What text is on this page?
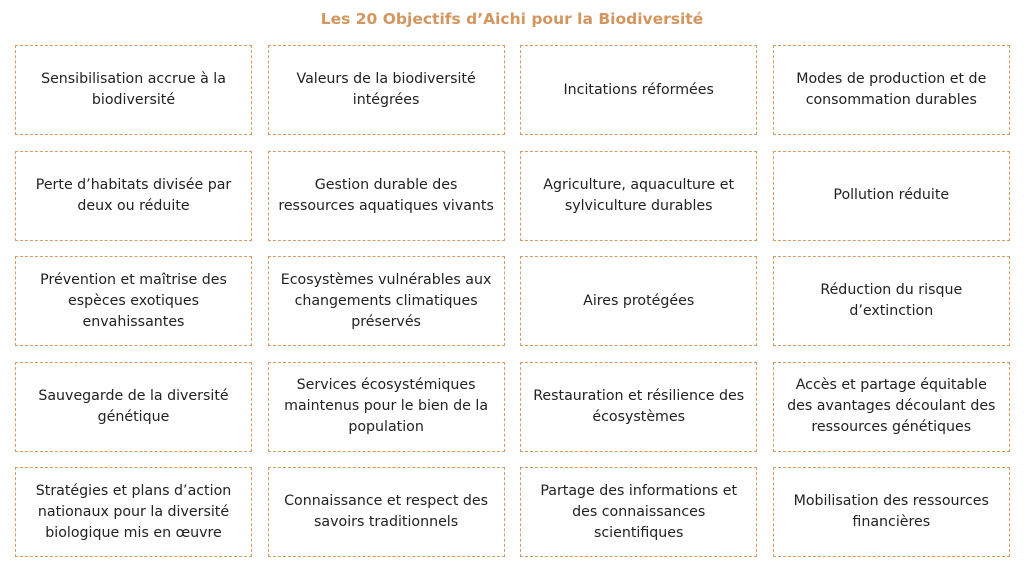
Les 20 Objectifs d’Aichi pour la Biodiversité
Sensibilisation accrue à la biodiversité
Valeurs de la biodiversité intégrées
Incitations réformées
Modes de production et de consommation durables
Perte d’habitats divisée par deux ou réduite
Gestion durable des ressources aquatiques vivants
Agriculture, aquaculture et sylviculture durables
Pollution réduite
Prévention et maîtrise des espèces exotiques envahissantes
Ecosystèmes vulnérables aux changements climatiques préservés
Aires protégées
Réduction du risque d’extinction
Sauvegarde de la diversité génétique
Services écosystémiques maintenus pour le bien de la population
Restauration et résilience des écosystèmes
Accès et partage équitable des avantages découlant des ressources génétiques
Stratégies et plans d’action nationaux pour la diversité biologique mis en œuvre
Connaissance et respect des savoirs traditionnels
Partage des informations et des connaissances scientifiques
Mobilisation des ressources financières
